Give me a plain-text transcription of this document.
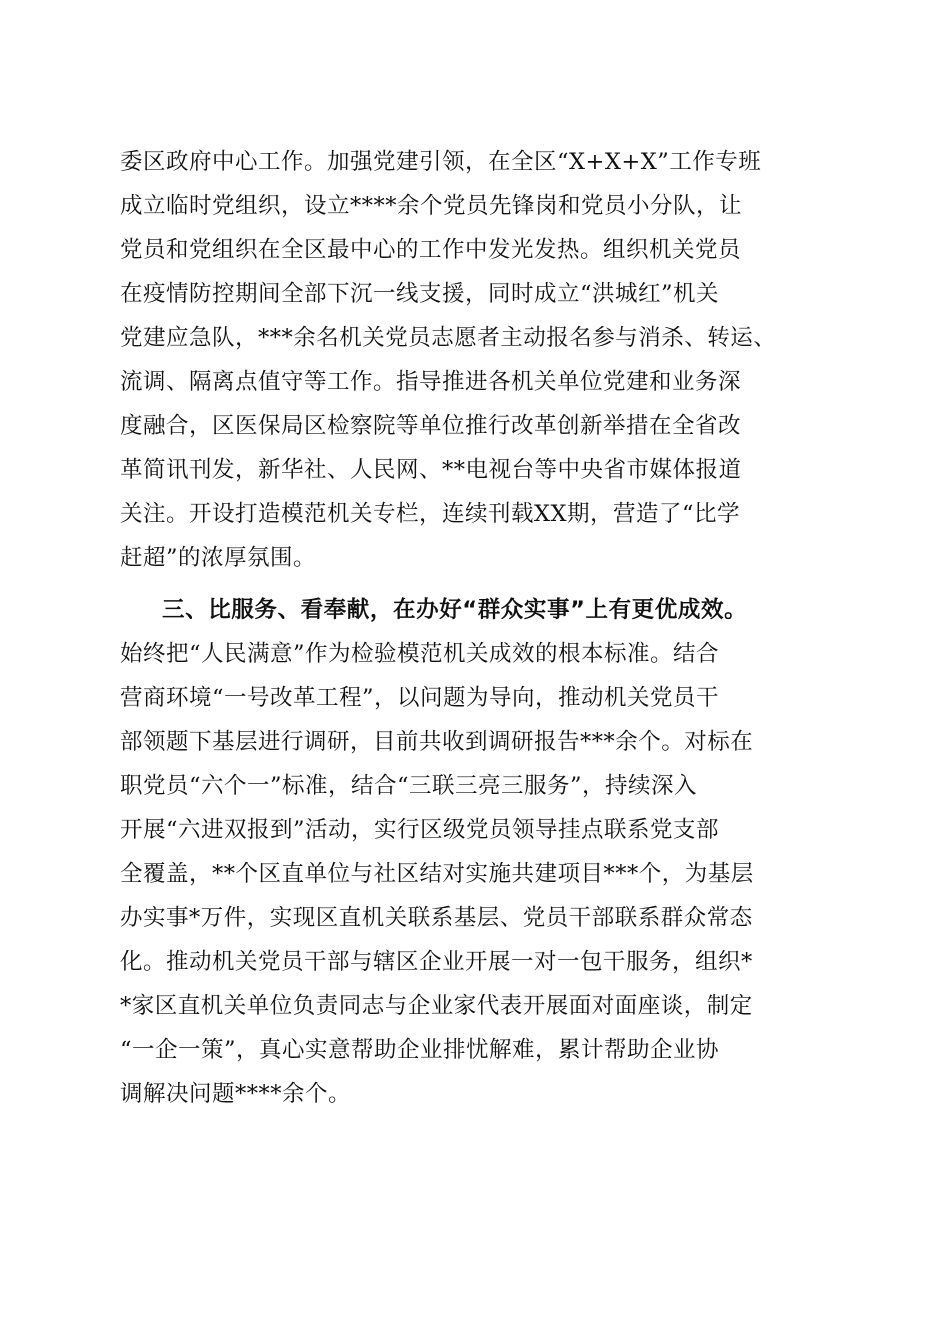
委区政府中心工作。加强党建引领，在全区“X+X+X”工作专班
成立临时党组织，设立****余个党员先锋岗和党员小分队，让
党员和党组织在全区最中心的工作中发光发热。组织机关党员
在疫情防控期间全部下沉一线支援，同时成立“洪城红”机关
党建应急队，***余名机关党员志愿者主动报名参与消杀、转运、
流调、隔离点值守等工作。指导推进各机关单位党建和业务深
度融合，区医保局区检察院等单位推行改革创新举措在全省改
革简讯刊发，新华社、人民网、**电视台等中央省市媒体报道
关注。开设打造模范机关专栏，连续刊载XX期，营造了“比学
赶超”的浓厚氛围。
三、比服务、看奉献，在办好“群众实事”上有更优成效。
始终把“人民满意”作为检验模范机关成效的根本标准。结合
营商环境“一号改革工程”，以问题为导向，推动机关党员干
部领题下基层进行调研，目前共收到调研报告***余个。对标在
职党员“六个一”标准，结合“三联三亮三服务”，持续深入
开展“六进双报到”活动，实行区级党员领导挂点联系党支部
全覆盖，**个区直单位与社区结对实施共建项目***个，为基层
办实事*万件，实现区直机关联系基层、党员干部联系群众常态
化。推动机关党员干部与辖区企业开展一对一包干服务，组织*
*家区直机关单位负责同志与企业家代表开展面对面座谈，制定
“一企一策”，真心实意帮助企业排忧解难，累计帮助企业协
调解决问题****余个。
